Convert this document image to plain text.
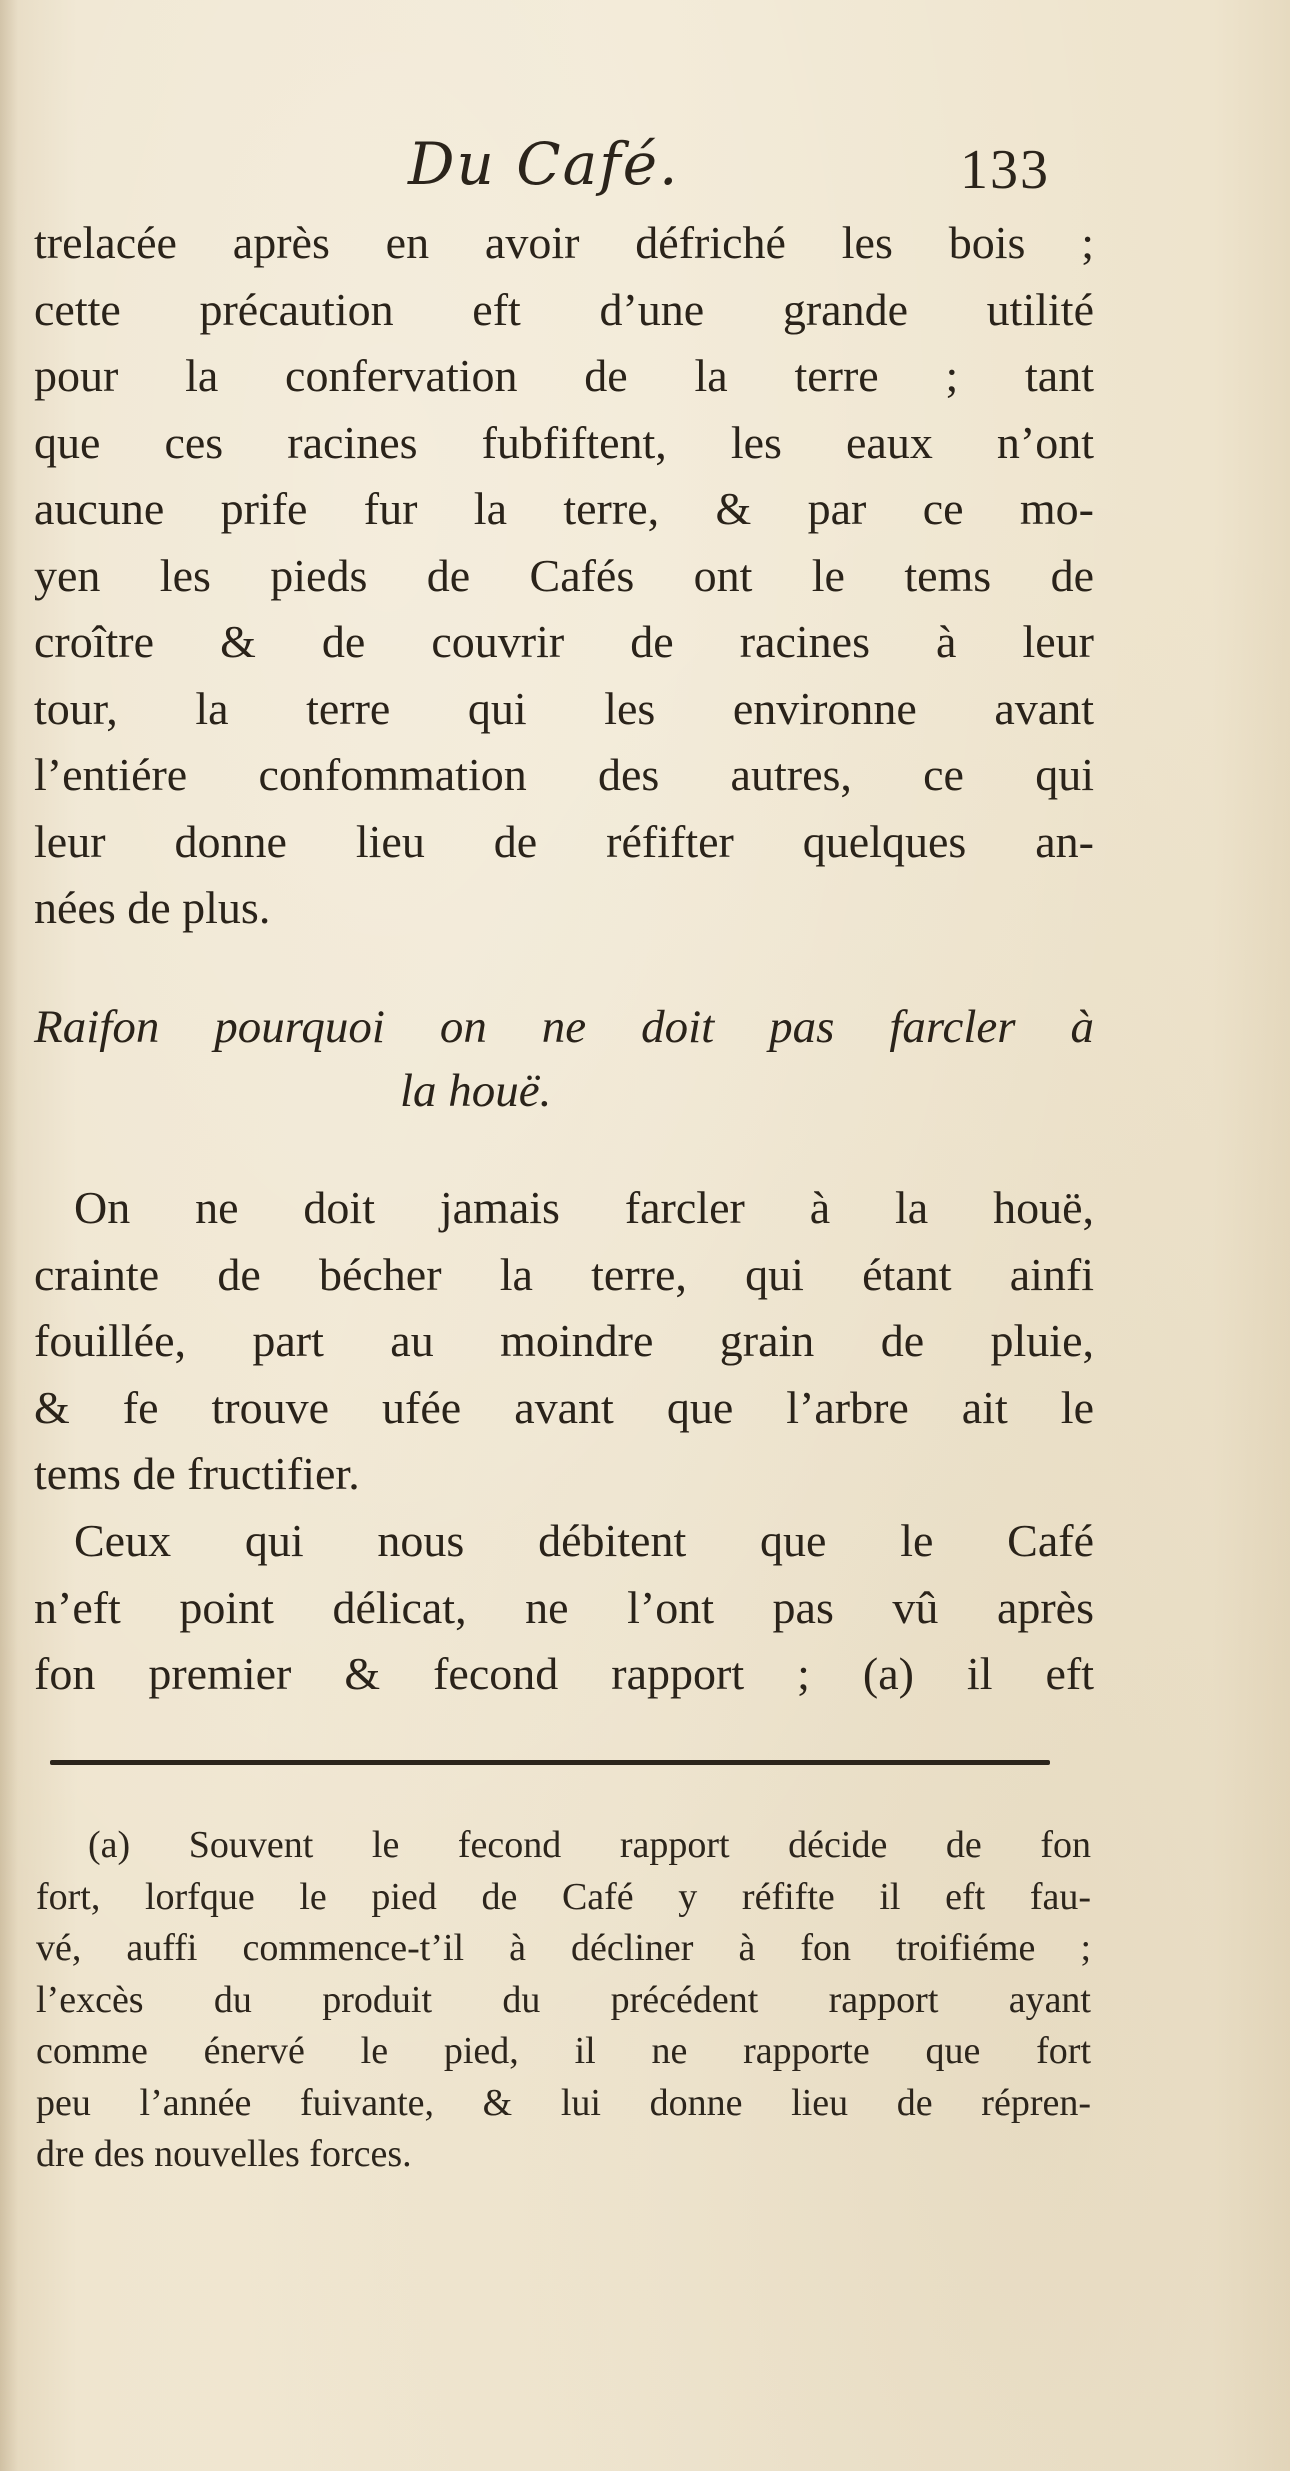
Du Café.	133
trelacée après en avoir défriché les bois ;
cette précaution eft d’une grande utilité
pour la confervation de la terre ; tant
que ces racines fubfiftent, les eaux n’ont
aucune prife fur la terre, & par ce mo-
yen les pieds de Cafés ont le tems de
croître & de couvrir de racines à leur
tour, la terre qui les environne avant
l’entiére confommation des autres, ce qui
leur donne lieu de réfifter quelques an-
nées de plus.
Raifon pourquoi on ne doit pas farcler à
la houë.
On ne doit jamais farcler à la houë,
crainte de bécher la terre, qui étant ainfi
fouillée, part au moindre grain de pluie,
& fe trouve ufée avant que l’arbre ait le
tems de fructifier.
Ceux qui nous débitent que le Café
n’eft point délicat, ne l’ont pas vû après
fon premier & fecond rapport ; (a) il eft
(a) Souvent le fecond rapport décide de fon
fort, lorfque le pied de Café y réfifte il eft fau-
vé, auffi commence-t’il à décliner à fon troifiéme ;
l’excès du produit du précédent rapport ayant
comme énervé le pied, il ne rapporte que fort
peu l’année fuivante, & lui donne lieu de répren-
dre des nouvelles forces.
